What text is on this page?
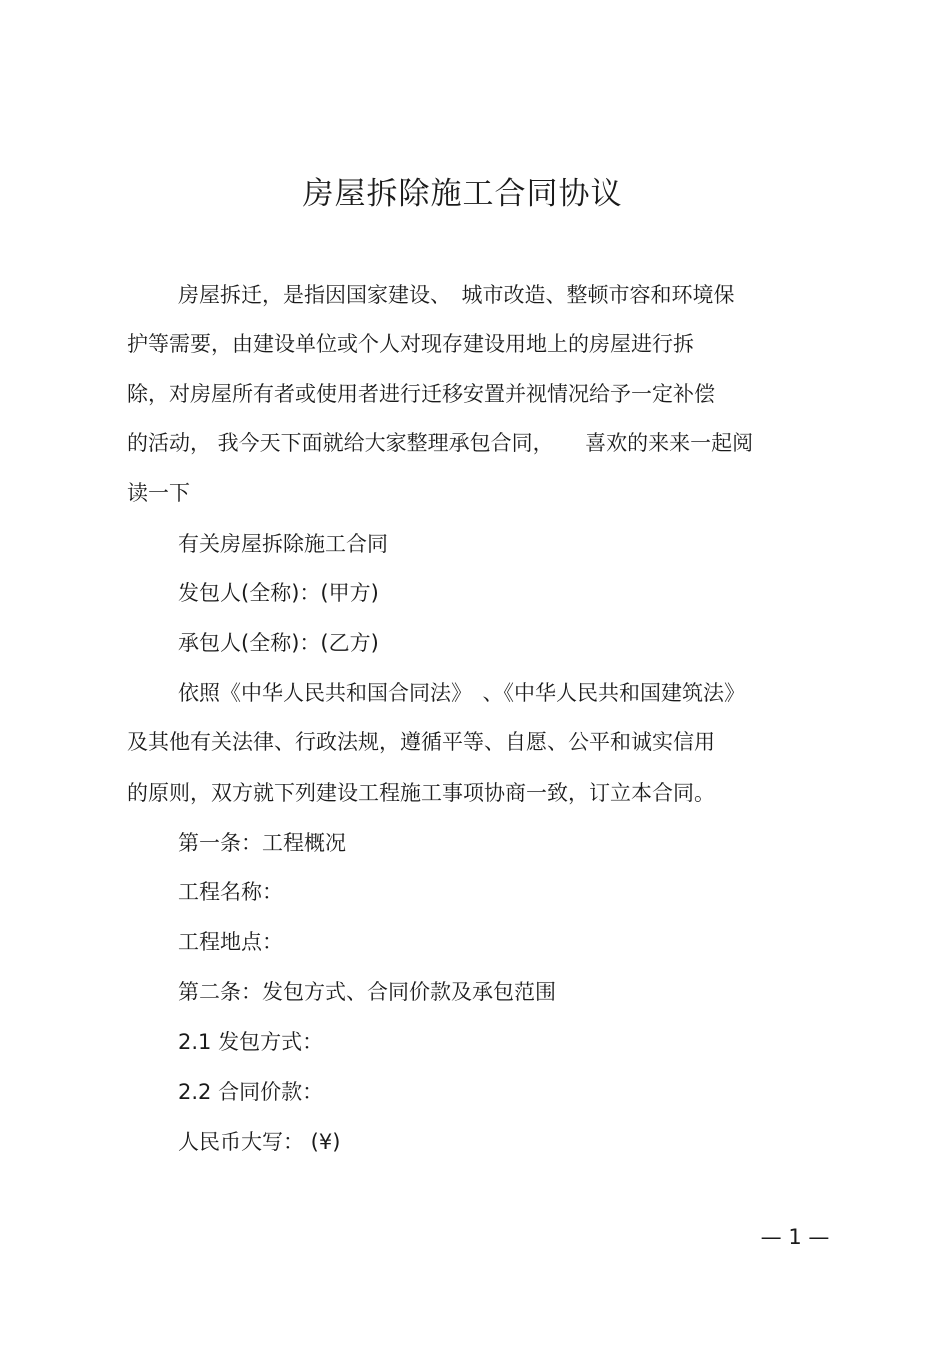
房屋拆除施工合同协议
房屋拆迁，是指因国家建设、　城市改造、整顿市容和环境保
护等需要，由建设单位或个人对现存建设用地上的房屋进行拆
除，对房屋所有者或使用者进行迁移安置并视情况给予一定补偿
的活动， 我今天下面就给大家整理承包合同，　　喜欢的来来一起阅
读一下
有关房屋拆除施工合同
发包人(全称)：(甲方)
承包人(全称)：(乙方)
依照《中华人民共和国合同法》　、《中华人民共和国建筑法》
及其他有关法律、行政法规，遵循平等、自愿、公平和诚实信用
的原则，双方就下列建设工程施工事项协商一致，订立本合同。
第一条：工程概况
工程名称：
工程地点：
第二条：发包方式、合同价款及承包范围
2.1 发包方式：
2.2 合同价款：
人民币大写： (¥)
— 1 —
